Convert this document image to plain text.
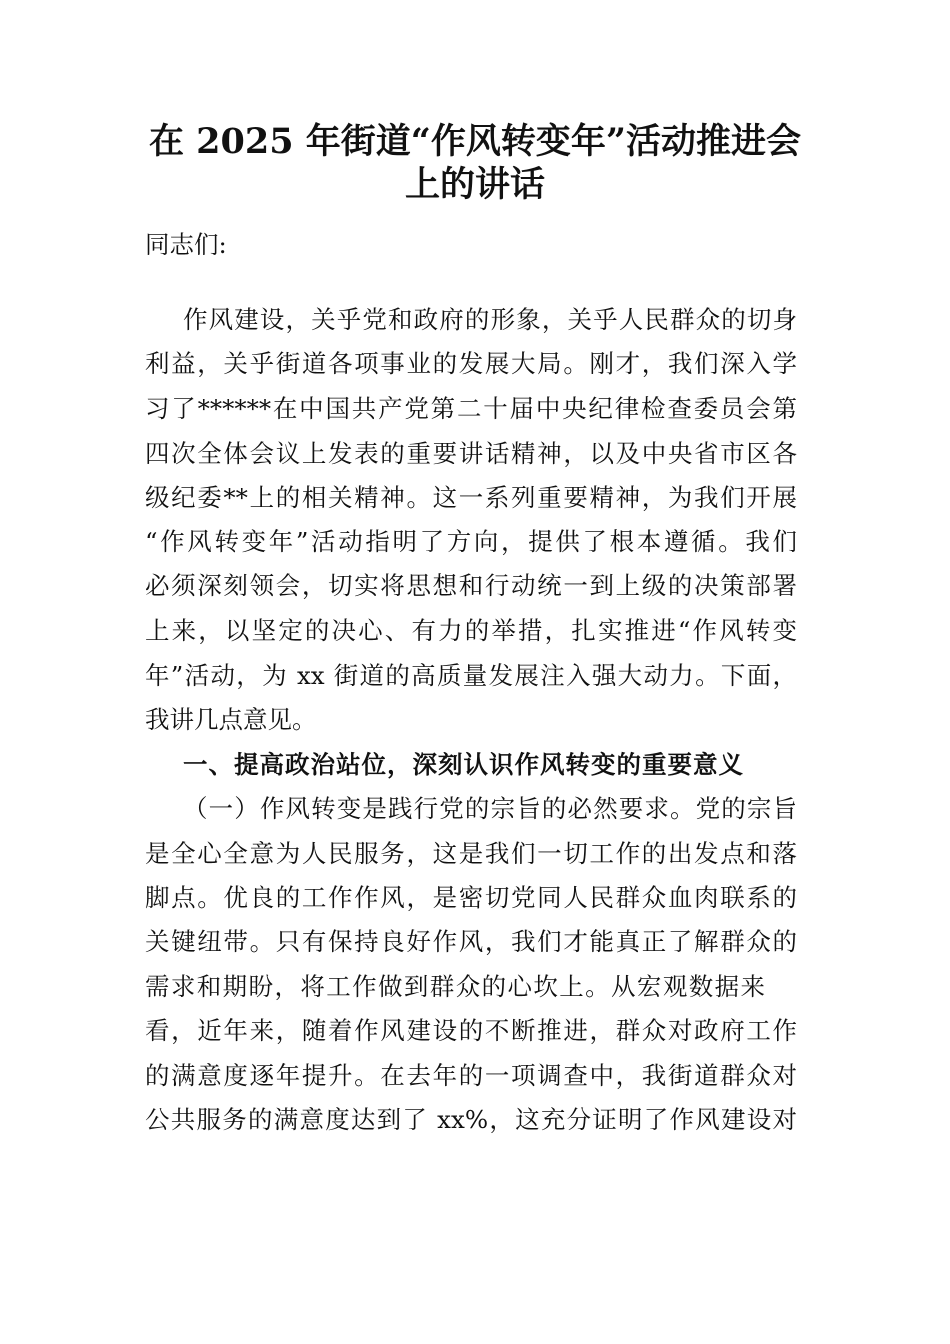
在 2025 年街道“作风转变年”活动推进会
上的讲话
同志们:
作风建设，关乎党和政府的形象，关乎人民群众的切身
利益，关乎街道各项事业的发展大局。刚才，我们深入学
习了******在中国共产党第二十届中央纪律检查委员会第
四次全体会议上发表的重要讲话精神，以及中央省市区各
级纪委**上的相关精神。这一系列重要精神，为我们开展
“作风转变年”活动指明了方向，提供了根本遵循。我们
必须深刻领会，切实将思想和行动统一到上级的决策部署
上来，以坚定的决心、有力的举措，扎实推进“作风转变
年”活动，为 xx 街道的高质量发展注入强大动力。下面，
我讲几点意见。
一、提高政治站位，深刻认识作风转变的重要意义
（一）作风转变是践行党的宗旨的必然要求。党的宗旨
是全心全意为人民服务，这是我们一切工作的出发点和落
脚点。优良的工作作风，是密切党同人民群众血肉联系的
关键纽带。只有保持良好作风，我们才能真正了解群众的
需求和期盼，将工作做到群众的心坎上。从宏观数据来
看，近年来，随着作风建设的不断推进，群众对政府工作
的满意度逐年提升。在去年的一项调查中，我街道群众对
公共服务的满意度达到了 xx%，这充分证明了作风建设对
